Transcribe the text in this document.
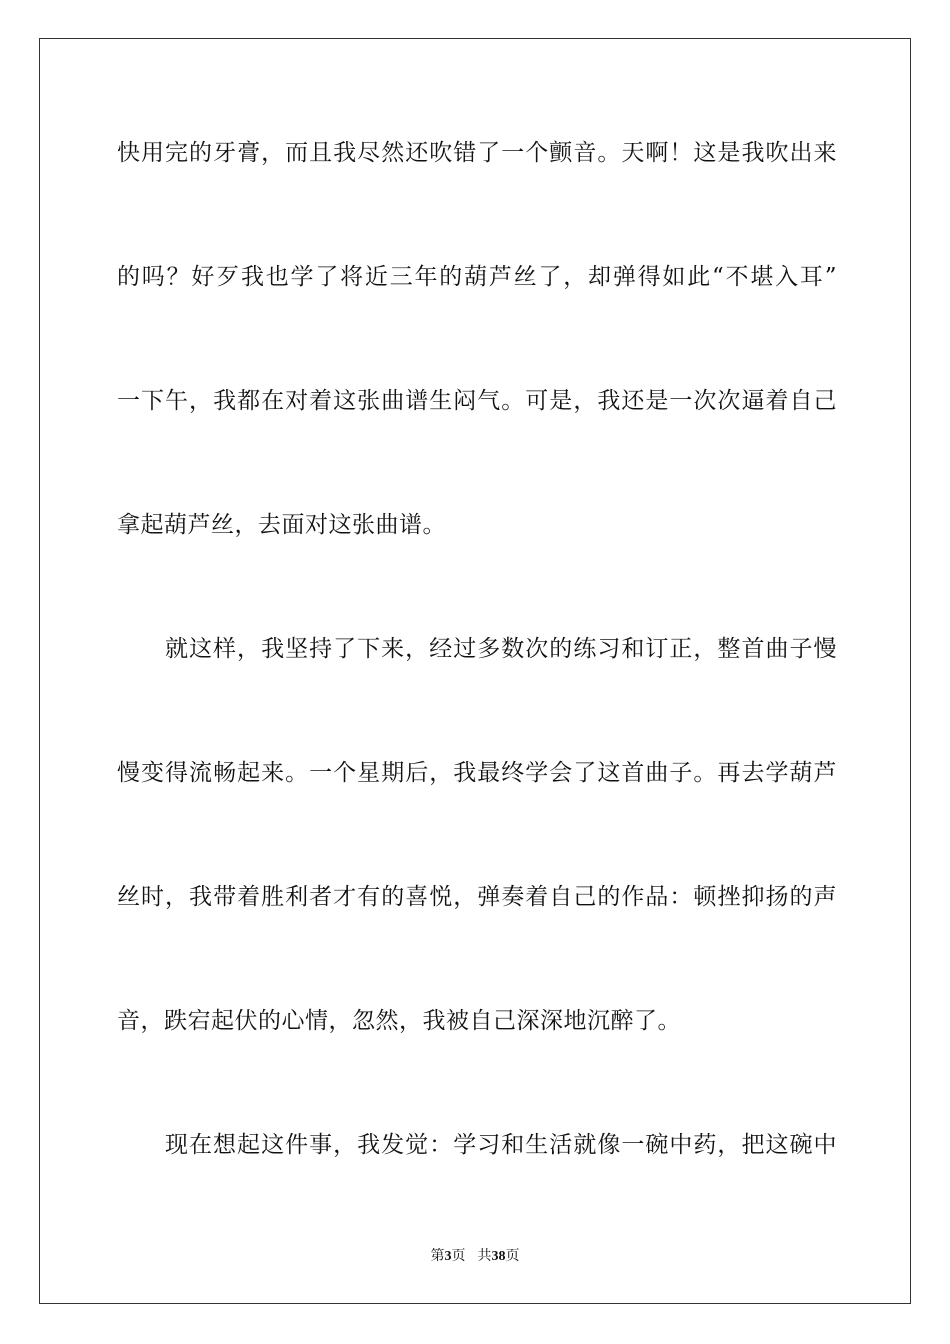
快用完的牙膏，而且我尽然还吹错了一个颤音。天啊！这是我吹出来
的吗？好歹我也学了将近三年的葫芦丝了，却弹得如此“不堪入耳”
一下午，我都在对着这张曲谱生闷气。可是，我还是一次次逼着自己
拿起葫芦丝，去面对这张曲谱。
就这样，我坚持了下来，经过多数次的练习和订正，整首曲子慢
慢变得流畅起来。一个星期后，我最终学会了这首曲子。再去学葫芦
丝时，我带着胜利者才有的喜悦，弹奏着自己的作品：顿挫抑扬的声
音，跌宕起伏的心情，忽然，我被自己深深地沉醉了。
现在想起这件事，我发觉：学习和生活就像一碗中药，把这碗中
第3页 共38页
